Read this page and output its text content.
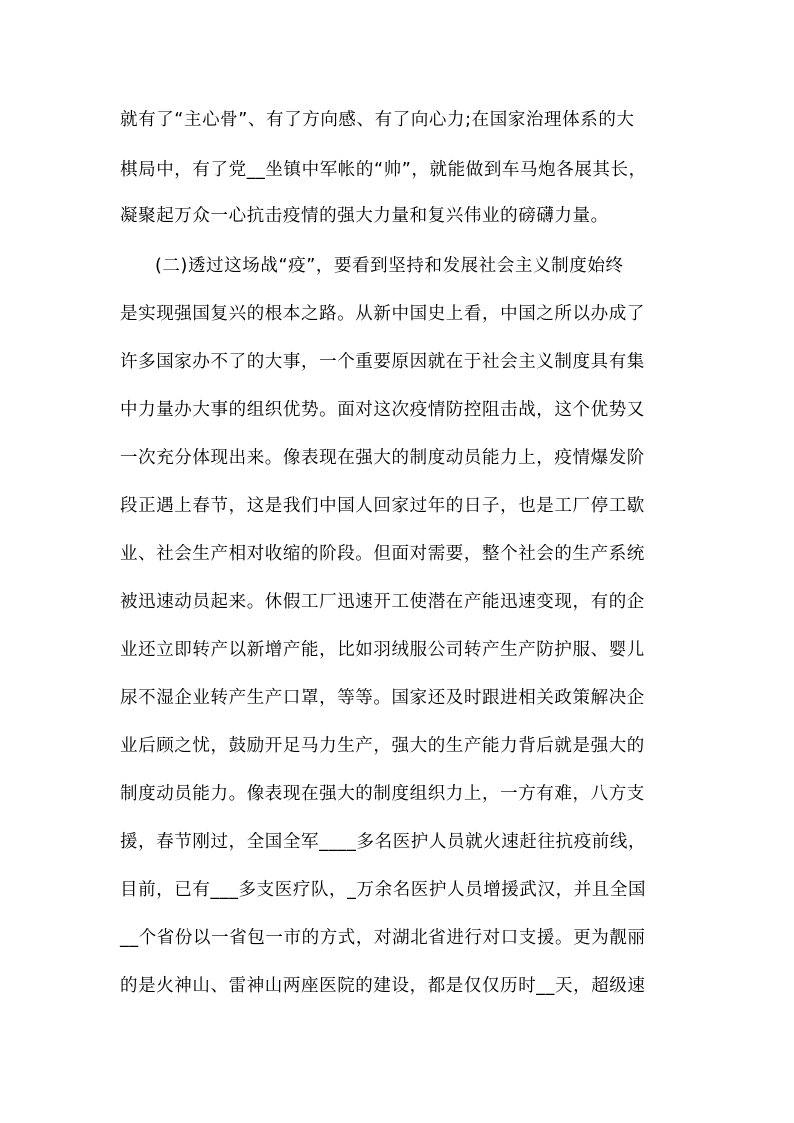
就有了“主心骨”、有了方向感、有了向心力;在国家治理体系的大
棋局中，有了党__坐镇中军帐的“帅”，就能做到车马炮各展其长，
凝聚起万众一心抗击疫情的强大力量和复兴伟业的磅礴力量。
(二)透过这场战“疫”，要看到坚持和发展社会主义制度始终
是实现强国复兴的根本之路。从新中国史上看，中国之所以办成了
许多国家办不了的大事，一个重要原因就在于社会主义制度具有集
中力量办大事的组织优势。面对这次疫情防控阻击战，这个优势又
一次充分体现出来。像表现在强大的制度动员能力上，疫情爆发阶
段正遇上春节，这是我们中国人回家过年的日子，也是工厂停工歇
业、社会生产相对收缩的阶段。但面对需要，整个社会的生产系统
被迅速动员起来。休假工厂迅速开工使潜在产能迅速变现，有的企
业还立即转产以新增产能，比如羽绒服公司转产生产防护服、婴儿
尿不湿企业转产生产口罩，等等。国家还及时跟进相关政策解决企
业后顾之忧，鼓励开足马力生产，强大的生产能力背后就是强大的
制度动员能力。像表现在强大的制度组织力上，一方有难，八方支
援，春节刚过，全国全军____多名医护人员就火速赶往抗疫前线，
目前，已有___多支医疗队，_万余名医护人员增援武汉，并且全国
__个省份以一省包一市的方式，对湖北省进行对口支援。更为靓丽
的是火神山、雷神山两座医院的建设，都是仅仅历时__天，超级速
